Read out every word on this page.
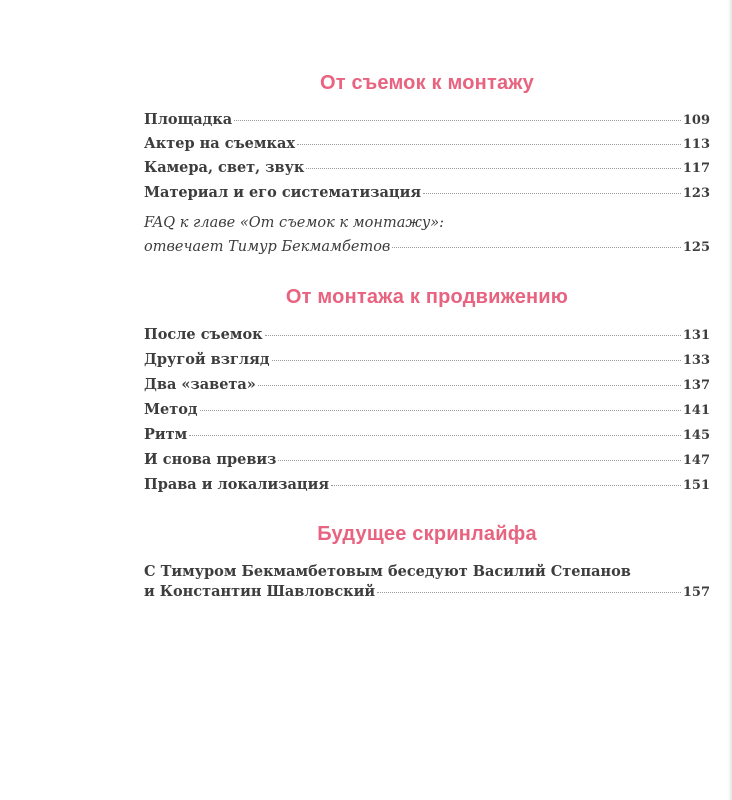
От съемок к монтажу
Площадка	109
Актер на съемках	113
Камера, свет, звук	117
Материал и его систематизация	123
FAQ к главе «От съемок к монтажу»:
отвечает Тимур Бекмамбетов	125
От монтажа к продвижению
После съемок	131
Другой взгляд	133
Два «завета»	137
Метод	141
Ритм	145
И снова превиз	147
Права и локализация	151
Будущее скринлайфа
С Тимуром Бекмамбетовым беседуют Василий Степанов
и Константин Шавловский	157
